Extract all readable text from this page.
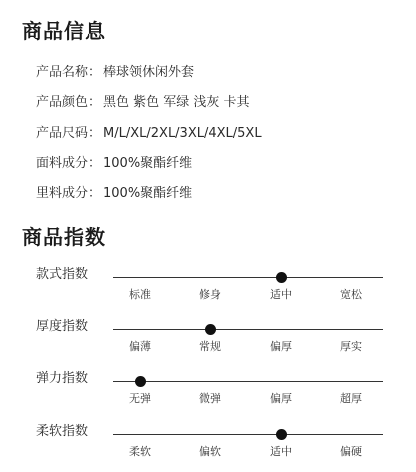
商品信息
产品名称： 棒球领休闲外套
产品颜色： 黑色 紫色 军绿 浅灰 卡其
产品尺码： M/L/XL/2XL/3XL/4XL/5XL
面料成分： 100%聚酯纤维
里料成分： 100%聚酯纤维
商品指数
款式指数
标准	修身	适中	宽松
厚度指数
偏薄	常规	偏厚	厚实
弹力指数
无弹	微弹	偏厚	超厚
柔软指数
柔软	偏软	适中	偏硬
